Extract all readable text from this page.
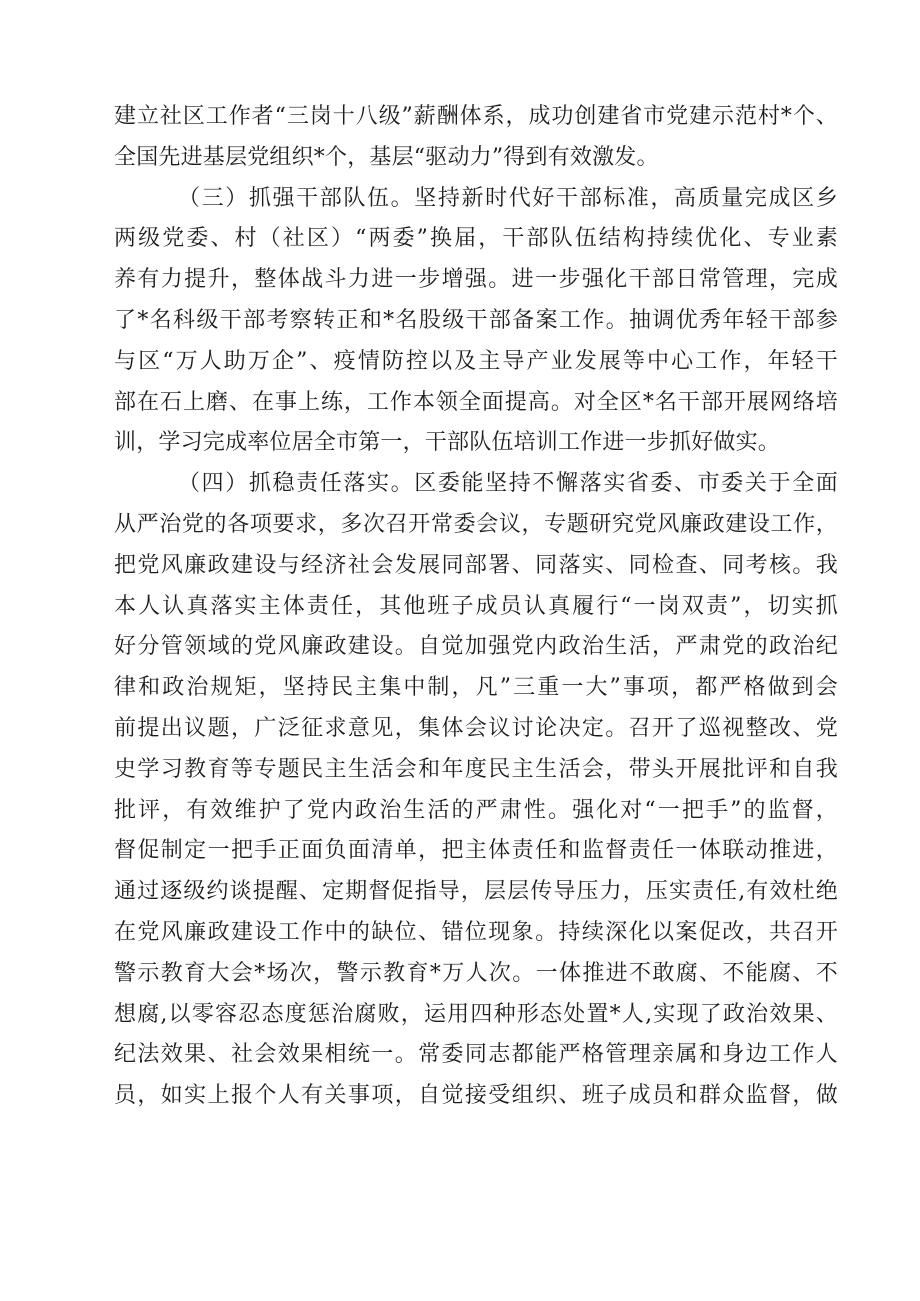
建立社区工作者“三岗十八级”薪酬体系，成功创建省市党建示范村*个、
全国先进基层党组织*个，基层“驱动力”得到有效激发。
（三）抓强干部队伍。坚持新时代好干部标准，高质量完成区乡
两级党委、村（社区）“两委”换届，干部队伍结构持续优化、专业素
养有力提升，整体战斗力进一步增强。进一步强化干部日常管理，完成
了*名科级干部考察转正和*名股级干部备案工作。抽调优秀年轻干部参
与区“万人助万企”、疫情防控以及主导产业发展等中心工作，年轻干
部在石上磨、在事上练，工作本领全面提高。对全区*名干部开展网络培
训，学习完成率位居全市第一，干部队伍培训工作进一步抓好做实。
（四）抓稳责任落实。区委能坚持不懈落实省委、市委关于全面
从严治党的各项要求，多次召开常委会议，专题研究党风廉政建设工作，
把党风廉政建设与经济社会发展同部署、同落实、同检查、同考核。我
本人认真落实主体责任，其他班子成员认真履行“一岗双责”，切实抓
好分管领域的党风廉政建设。自觉加强党内政治生活，严肃党的政治纪
律和政治规矩，坚持民主集中制，凡”三重一大”事项，都严格做到会
前提出议题，广泛征求意见，集体会议讨论决定。召开了巡视整改、党
史学习教育等专题民主生活会和年度民主生活会，带头开展批评和自我
批评，有效维护了党内政治生活的严肃性。强化对“一把手”的监督，
督促制定一把手正面负面清单，把主体责任和监督责任一体联动推进，
通过逐级约谈提醒、定期督促指导，层层传导压力，压实责任,有效杜绝
在党风廉政建设工作中的缺位、错位现象。持续深化以案促改，共召开
警示教育大会*场次，警示教育*万人次。一体推进不敢腐、不能腐、不
想腐,以零容忍态度惩治腐败，运用四种形态处置*人,实现了政治效果、
纪法效果、社会效果相统一。常委同志都能严格管理亲属和身边工作人
员，如实上报个人有关事项，自觉接受组织、班子成员和群众监督，做
